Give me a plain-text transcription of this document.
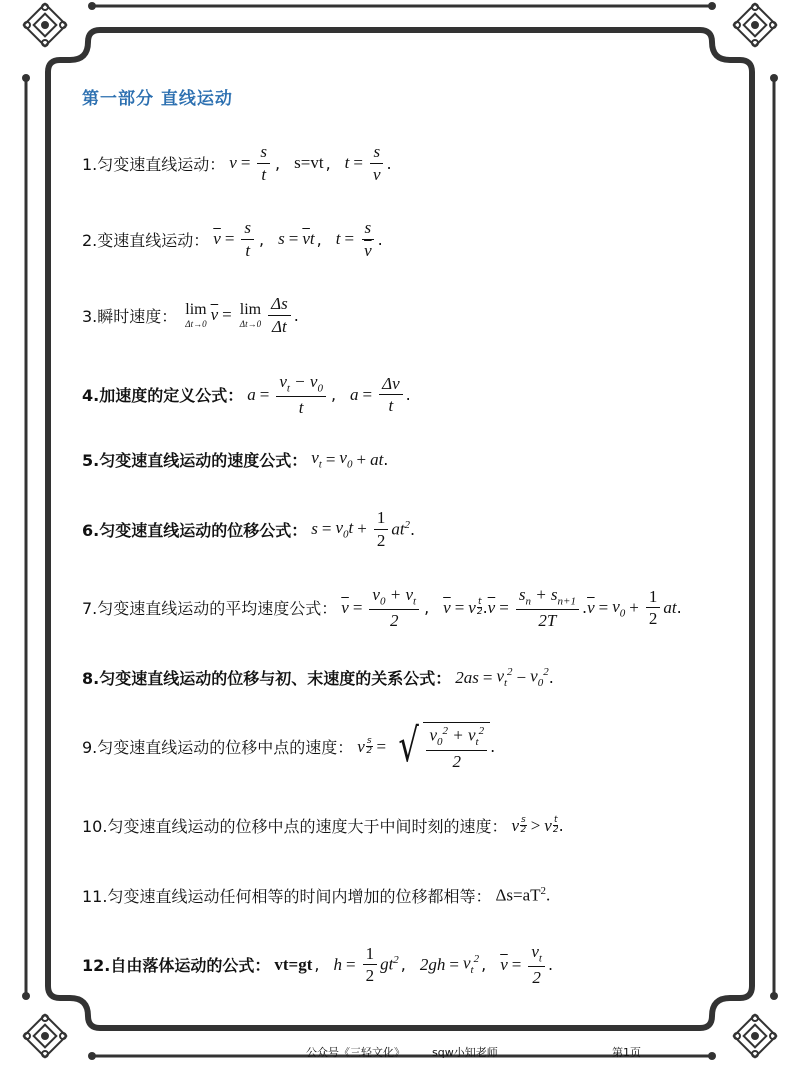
第一部分 直线运动
1.匀变速直线运动： $v = \frac{s}{t}$ , s=vt , $t = \frac{s}{v}$ .
2.变速直线运动： $\overline{v} = \frac{s}{t}$ , $s = \overline{v}t$ , $t = \frac{s}{v}$ .
3.瞬时速度： lim
Δt→0 $\overline{v} = \lim$
$\Delta t\to 0 \frac{\Delta s}{\Delta t}$ .
4.加速度的定义公式： $a = \frac{v_t - v_0}{t}$ , $a = \frac{\Delta v}{t}$ .
5.匀变速直线运动的速度公式： $v_t = v_0$ + at .
6.匀变速直线运动的位移公式： $s = v_0t + \frac{1}{2} at^2$ .
7.匀变速直线运动的平均速度公式： $\overline{v} = \frac{v_0 + v_t}{2}$ , $\overline{v} = v$ t
2 . $\overline{v} = \frac{s_n + s_{n+1}}{2T}$ . $\overline{v} = v_0 + \frac{1}{2}$ at .
8.匀变速直线运动的位移与初、末速度的关系公式： $2as = v_t^2 - v_0^2$ .
9.匀变速直线运动的位移中点的速度： v $\frac{s}{2}$ = √ $\frac{v_0^2 + v_t^2}{2}$ .
10.匀变速直线运动的位移中点的速度大于中间时刻的速度： v s
2 > v t
2 .
11.匀变速直线运动任何相等的时间内增加的位移都相等： $\Delta s=aT^2$.
12.自由落体运动的公式： vt=gt , $h = \frac{1}{2} gt^2$ , $2gh = v_t^2$ , $\overline{v} = \frac{v_t}{2}$ .
公众号《三轻文化》 sqw小知老师	第1页
